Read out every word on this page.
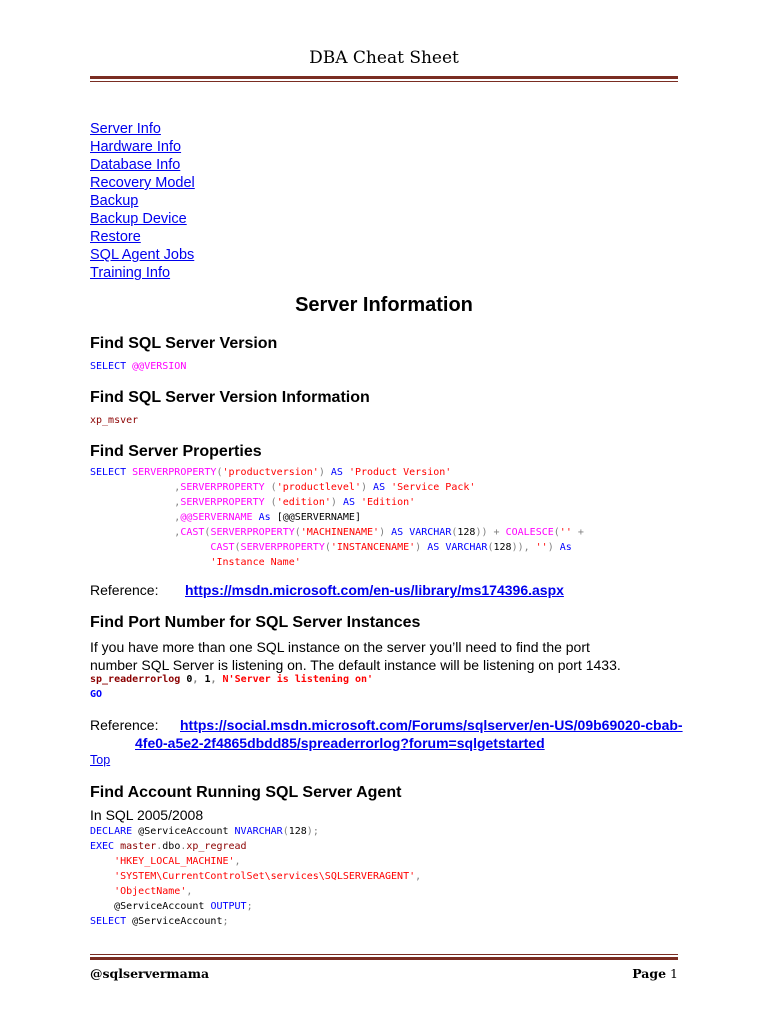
DBA Cheat Sheet
Server Info
Hardware Info
Database Info
Recovery Model
Backup
Backup Device
Restore
SQL Agent Jobs
Training Info
Server Information
Find SQL Server Version
SELECT @@VERSION
Find SQL Server Version Information
xp_msver
Find Server Properties
SELECT SERVERPROPERTY('productversion') AS 'Product Version'
,SERVERPROPERTY ('productlevel') AS 'Service Pack'
,SERVERPROPERTY ('edition') AS 'Edition'
,@@SERVERNAME As [@@SERVERNAME]
,CAST(SERVERPROPERTY('MACHINENAME') AS VARCHAR(128)) + COALESCE('' +
CAST(SERVERPROPERTY('INSTANCENAME') AS VARCHAR(128)), '') As
'Instance Name'
Reference: https://msdn.microsoft.com/en-us/library/ms174396.aspx
Find Port Number for SQL Server Instances
If you have more than one SQL instance on the server you’ll need to find the port
number SQL Server is listening on. The default instance will be listening on port 1433.
sp_readerrorlog 0, 1, N'Server is listening on'
GO
Reference: https://social.msdn.microsoft.com/Forums/sqlserver/en-US/09b69020-cbab-
4fe0-a5e2-2f4865dbdd85/spreaderrorlog?forum=sqlgetstarted
Top
Find Account Running SQL Server Agent
In SQL 2005/2008
DECLARE @ServiceAccount NVARCHAR(128);
EXEC master.dbo.xp_regread
'HKEY_LOCAL_MACHINE',
'SYSTEM\CurrentControlSet\services\SQLSERVERAGENT',
'ObjectName',
@ServiceAccount OUTPUT;
SELECT @ServiceAccount;
@sqlservermama	Page 1
